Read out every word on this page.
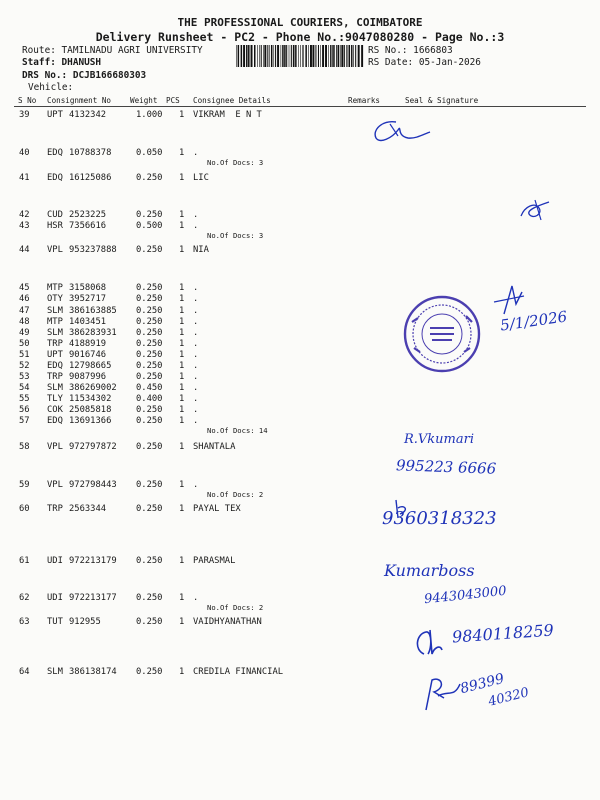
THE PROFESSIONAL COURIERS, COIMBATORE
Delivery Runsheet - PC2 - Phone No.:9047080280 - Page No.:3
Route: TAMILNADU AGRI UNIVERSITY
Staff: DHANUSH
DRS No.: DCJB166680303
Vehicle:
RS No.: 1666803
RS Date: 05-Jan-2026
S No Consignment No Weight PCS Consignee Details	Remarks	Seal & Signature
39 UPT 4132342	1.000 1 VIKRAM  E N T
40 EDQ 10788378	0.050 1 .
No.Of Docs: 3
41 EDQ 16125086	0.250 1 LIC
42 CUD 2523225	0.250 1 .
43 HSR 7356616	0.500 1 .
No.Of Docs: 3
44 VPL 953237888 0.250 1 NIA
45 MTP 3158068	0.250 1 .
46 OTY 3952717	0.250 1 .
47 SLM 386163885 0.250 1 .
48 MTP 1403451	0.250 1 .
49 SLM 386283931 0.250 1 .
50 TRP 4188919	0.250 1 .
51 UPT 9016746	0.250 1 .
52 EDQ 12798665	0.250 1 .
53 TRP 9087996	0.250 1 .
54 SLM 386269002 0.450 1 .
55 TLY 11534302	0.400 1 .
56 COK 25085818	0.250 1 .
57 EDQ 13691366	0.250 1 .
No.Of Docs: 14
58 VPL 972797872 0.250 1 SHANTALA
59 VPL 972798443 0.250 1 .
No.Of Docs: 2
60 TRP 2563344	0.250 1 PAYAL TEX
61 UDI 972213179 0.250 1 PARASMAL
62 UDI 972213177 0.250 1 .
No.Of Docs: 2
63 TUT 912955	0.250 1 VAIDHYANATHAN
64 SLM 386138174 0.250 1 CREDILA FINANCIAL
5/1/2026
R.Vkumari
995223 6666
9360318323
Kumarboss
9443043000
9840118259
89399
40320
